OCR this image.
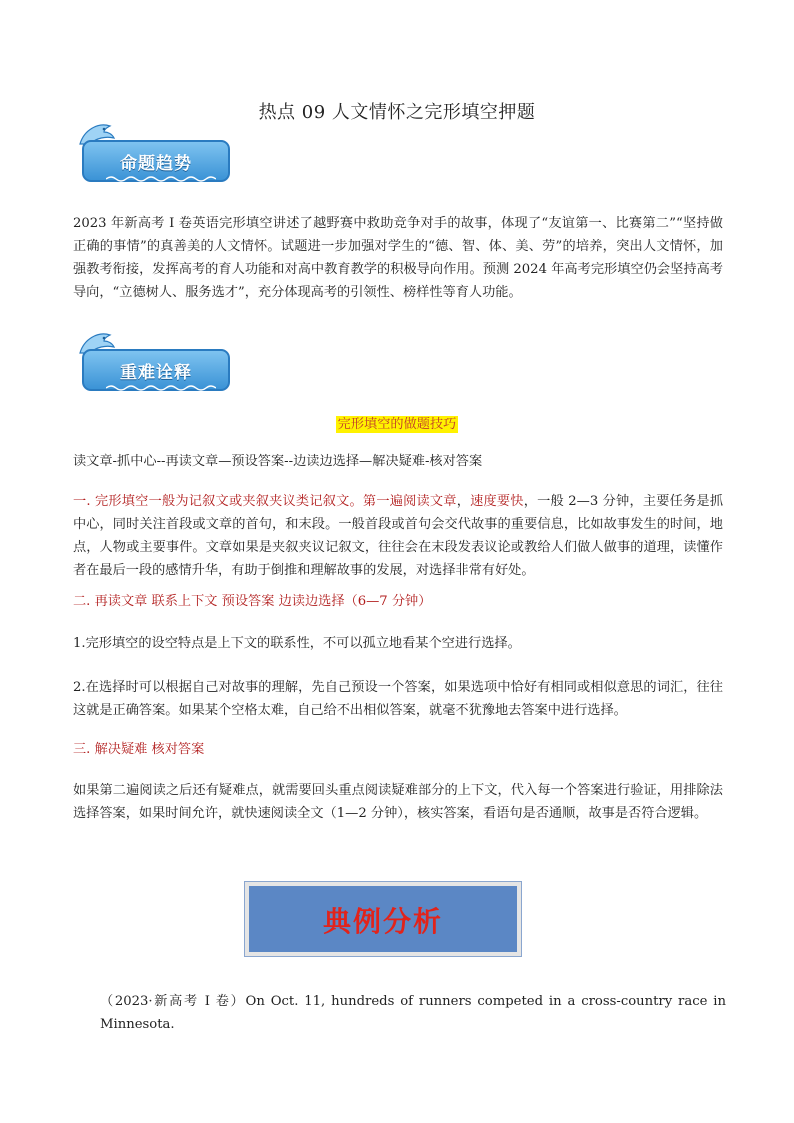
热点 09 人文情怀之完形填空押题
命题趋势
2023 年新高考 I 卷英语完形填空讲述了越野赛中救助竞争对手的故事，体现了“友谊第一、比赛第二”“坚持做正确的事情”的真善美的人文情怀。试题进一步加强对学生的“德、智、体、美、劳”的培养，突出人文情怀，加强教考衔接，发挥高考的育人功能和对高中教育教学的积极导向作用。预测 2024 年高考完形填空仍会坚持高考导向，“立德树人、服务选才”，充分体现高考的引领性、榜样性等育人功能。
重难诠释
完形填空的做题技巧
读文章-抓中心--再读文章—预设答案--边读边选择—解决疑难-核对答案
一. 完形填空一般为记叙文或夹叙夹议类记叙文。第一遍阅读文章，速度要快，一般 2—3 分钟，主要任务是抓中心，同时关注首段或文章的首句，和末段。一般首段或首句会交代故事的重要信息，比如故事发生的时间，地点，人物或主要事件。文章如果是夹叙夹议记叙文，往往会在末段发表议论或教给人们做人做事的道理，读懂作者在最后一段的感情升华，有助于倒推和理解故事的发展，对选择非常有好处。
二. 再读文章 联系上下文 预设答案 边读边选择（6—7 分钟）
1.完形填空的设空特点是上下文的联系性，不可以孤立地看某个空进行选择。
2.在选择时可以根据自己对故事的理解，先自己预设一个答案，如果选项中恰好有相同或相似意思的词汇，往往这就是正确答案。如果某个空格太难，自己给不出相似答案，就毫不犹豫地去答案中进行选择。
三. 解决疑难 核对答案
如果第二遍阅读之后还有疑难点，就需要回头重点阅读疑难部分的上下文，代入每一个答案进行验证，用排除法选择答案，如果时间允许，就快速阅读全文（1—2 分钟），核实答案，看语句是否通顺，故事是否符合逻辑。
典例分析
（2023·新高考 I 卷）On Oct. 11, hundreds of runners competed in a cross-country race in Minnesota.
